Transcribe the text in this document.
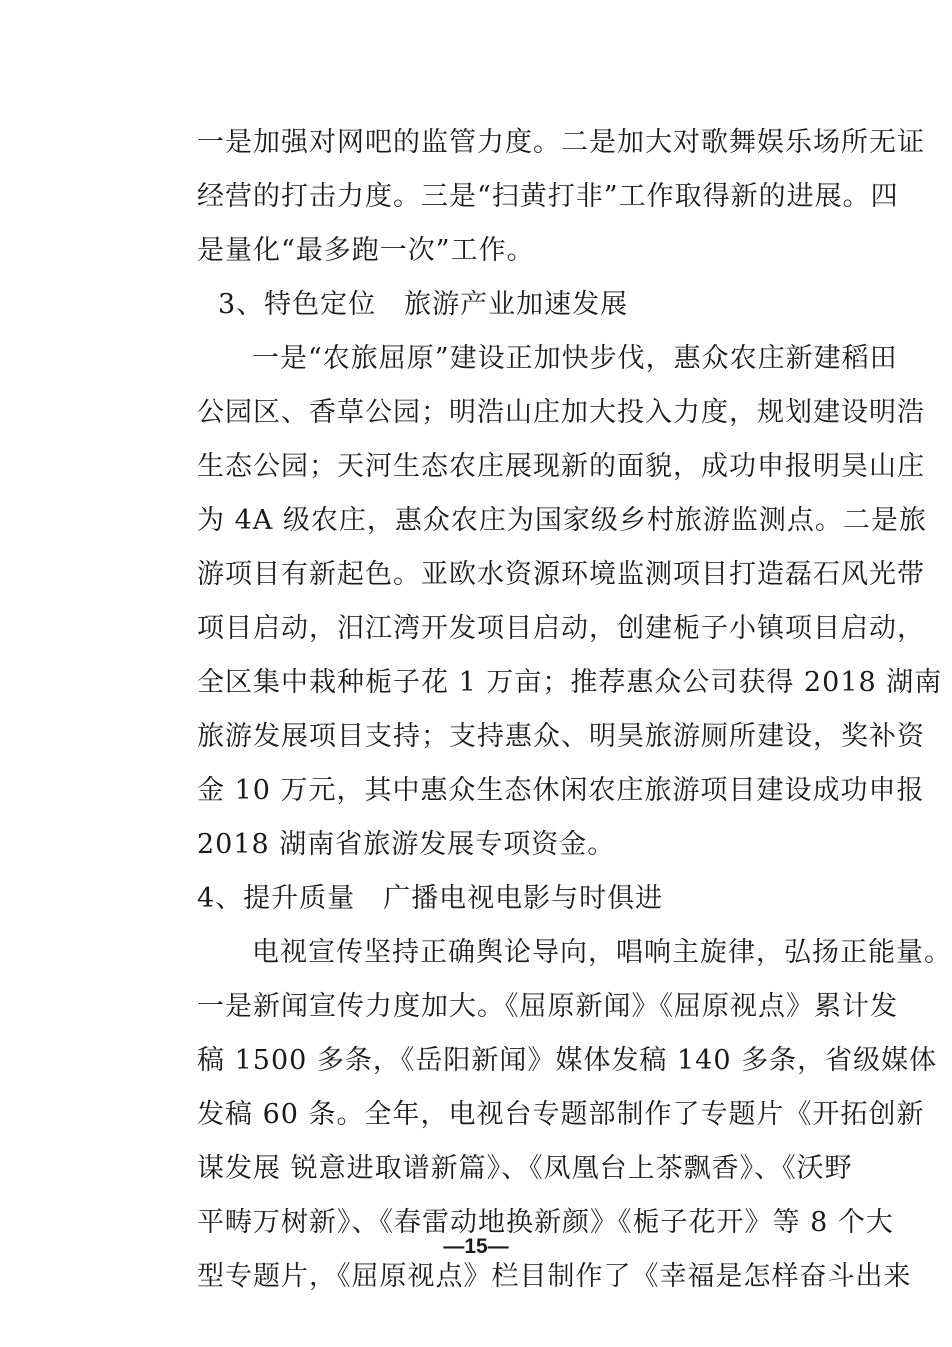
一是加强对网吧的监管力度。二是加大对歌舞娱乐场所无证
经营的打击力度。三是“扫黄打非”工作取得新的进展。四
是量化“最多跑一次”工作。
3、特色定位　旅游产业加速发展
一是“农旅屈原”建设正加快步伐，惠众农庄新建稻田
公园区、香草公园；明浩山庄加大投入力度，规划建设明浩
生态公园；天河生态农庄展现新的面貌，成功申报明昊山庄
为 4A 级农庄，惠众农庄为国家级乡村旅游监测点。二是旅
游项目有新起色。亚欧水资源环境监测项目打造磊石风光带
项目启动，汨江湾开发项目启动，创建栀子小镇项目启动，
全区集中栽种栀子花 1 万亩；推荐惠众公司获得 2018 湖南
旅游发展项目支持；支持惠众、明昊旅游厕所建设，奖补资
金 10 万元，其中惠众生态休闲农庄旅游项目建设成功申报
2018 湖南省旅游发展专项资金。
4、提升质量　广播电视电影与时俱进
电视宣传坚持正确舆论导向，唱响主旋律，弘扬正能量。
一是新闻宣传力度加大。《屈原新闻》《屈原视点》累计发
稿 1500 多条，《岳阳新闻》媒体发稿 140 多条，省级媒体
发稿 60 条。全年，电视台专题部制作了专题片《开拓创新
谋发展 锐意进取谱新篇》、《凤凰台上茶飘香》、《沃野
平畴万树新》、《春雷动地换新颜》《栀子花开》等 8 个大
型专题片，《屈原视点》栏目制作了《幸福是怎样奋斗出来
—15—
